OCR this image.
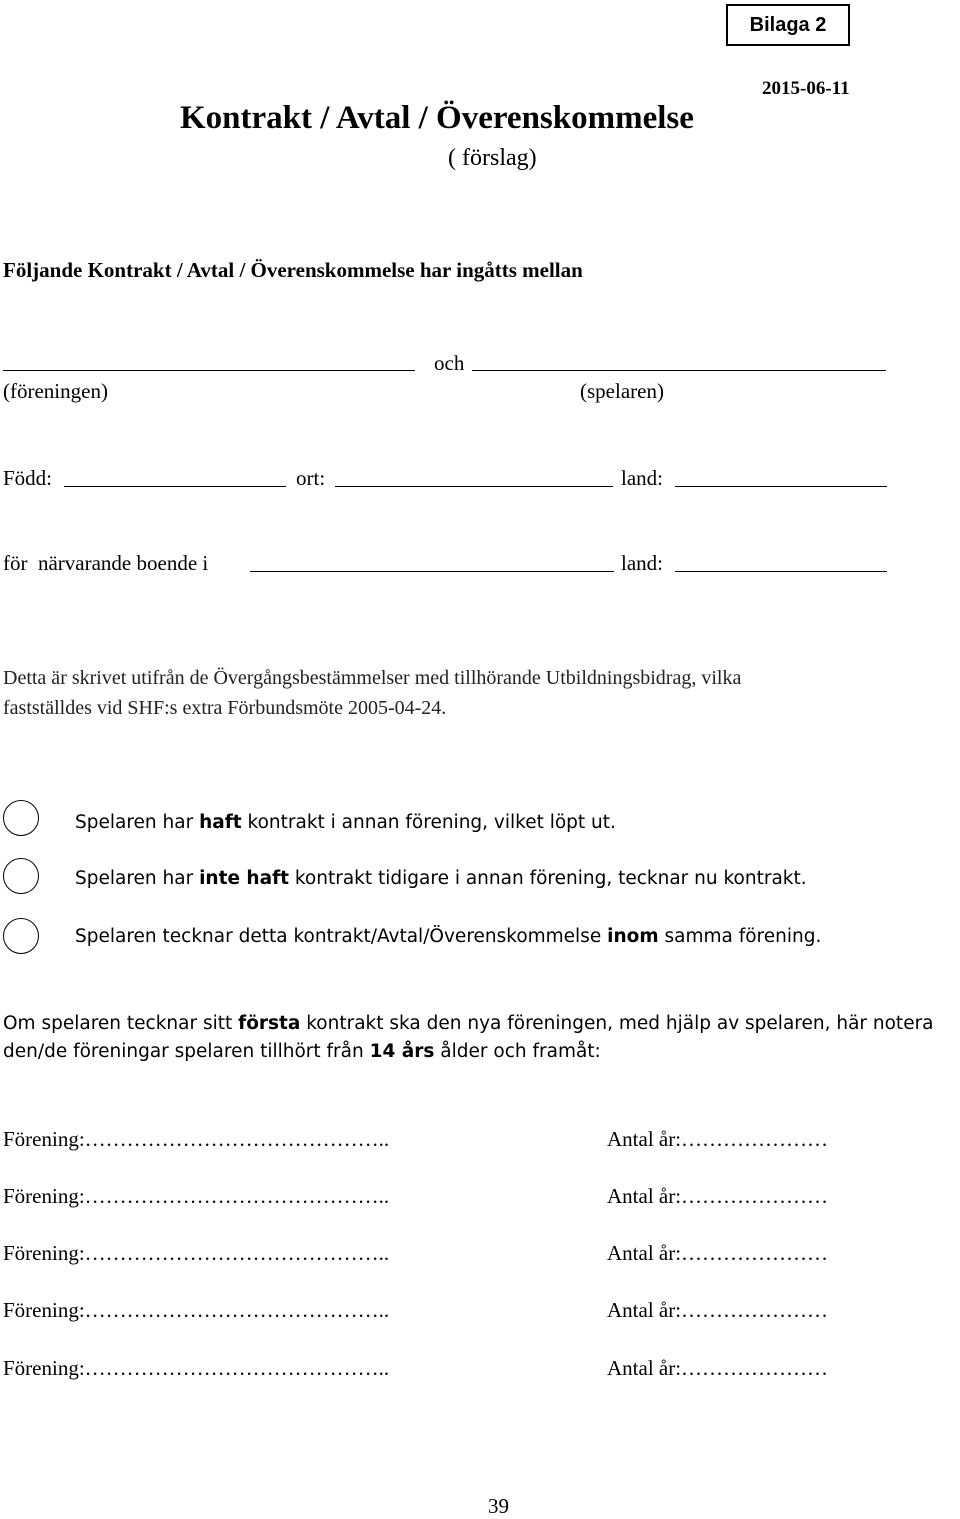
Bilaga 2
2015-06-11
Kontrakt / Avtal / Överenskommelse
( förslag)
Följande Kontrakt / Avtal / Överenskommelse har ingåtts mellan
och
(föreningen)	(spelaren)
Född:	ort:	land:
för  närvarande boende i	land:
Detta är skrivet utifrån de Övergångsbestämmelser med tillhörande Utbildningsbidrag, vilka
fastställdes vid SHF:s extra Förbundsmöte 2005-04-24.
Spelaren har haft kontrakt i annan förening, vilket löpt ut.
Spelaren har inte haft kontrakt tidigare i annan förening, tecknar nu kontrakt.
Spelaren tecknar detta kontrakt/Avtal/Överenskommelse inom samma förening.
Om spelaren tecknar sitt första kontrakt ska den nya föreningen, med hjälp av spelaren, här notera
den/de föreningar spelaren tillhört från 14 års ålder och framåt:
Förening:……………………………………..	Antal år:…………………
Förening:……………………………………..	Antal år:…………………
Förening:……………………………………..	Antal år:…………………
Förening:……………………………………..	Antal år:…………………
Förening:……………………………………..	Antal år:…………………
39
